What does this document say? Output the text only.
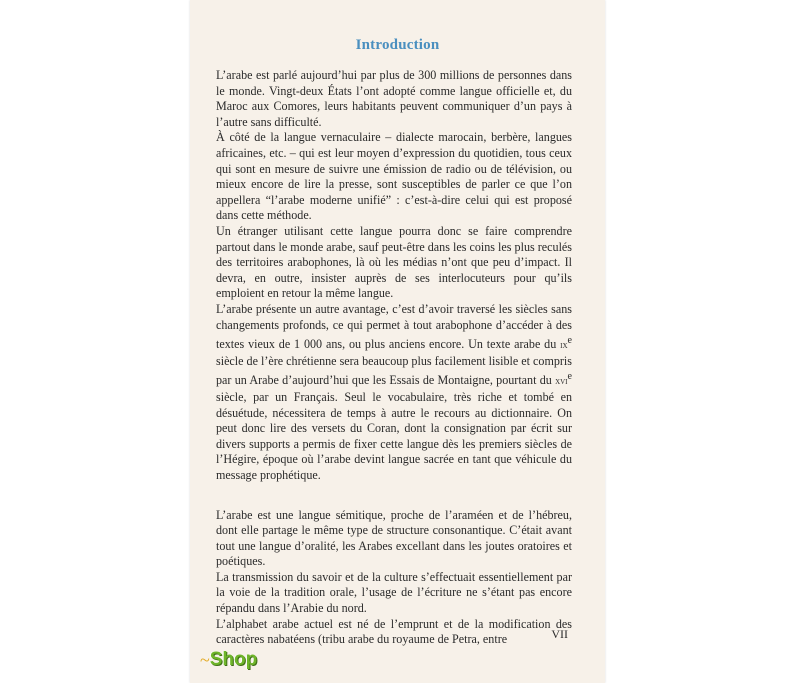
Introduction

L’arabe est parlé aujourd’hui par plus de 300 millions de personnes dans le monde. Vingt-deux États l’ont adopté comme langue officielle et, du Maroc aux Comores, leurs habitants peuvent communiquer d’un pays à l’autre sans difficulté.

À côté de la langue vernaculaire – dialecte marocain, berbère, langues africaines, etc. – qui est leur moyen d’expression du quotidien, tous ceux qui sont en mesure de suivre une émission de radio ou de télévision, ou mieux encore de lire la presse, sont susceptibles de parler ce que l’on appellera “l’arabe moderne unifié” : c’est-à-dire celui qui est proposé dans cette méthode.

Un étranger utilisant cette langue pourra donc se faire comprendre partout dans le monde arabe, sauf peut-être dans les coins les plus reculés des territoires arabophones, là où les médias n’ont que peu d’impact. Il devra, en outre, insister auprès de ses interlocuteurs pour qu’ils emploient en retour la même langue.

L’arabe présente un autre avantage, c’est d’avoir traversé les siècles sans changements profonds, ce qui permet à tout arabophone d’accéder à des textes vieux de 1 000 ans, ou plus anciens encore. Un texte arabe du $ix^e$ siècle de l’ère chrétienne sera beaucoup plus facilement lisible et compris par un Arabe d’aujourd’hui que les Essais de Montaigne, pourtant du xvi$^e$ siècle, par un Français. Seul le vocabulaire, très riche et tombé en désuétude, nécessitera de temps à autre le recours au dictionnaire. On peut donc lire des versets du Coran, dont la consignation par écrit sur divers supports a permis de fixer cette langue dès les premiers siècles de l’Hégire, époque où l’arabe devint langue sacrée en tant que véhicule du message prophétique.

L’arabe est une langue sémitique, proche de l’araméen et de l’hébreu, dont elle partage le même type de structure consonantique. C’était avant tout une langue d’oralité, les Arabes excellant dans les joutes oratoires et poétiques.

La transmission du savoir et de la culture s’effectuait essentiellement par la voie de la tradition orale, l’usage de l’écriture ne s’étant pas encore répandu dans l’Arabie du nord.

L’alphabet arabe actuel est né de l’emprunt et de la modification des caractères nabatéens (tribu arabe du royaume de Petra, entre	VII
~ Shop
